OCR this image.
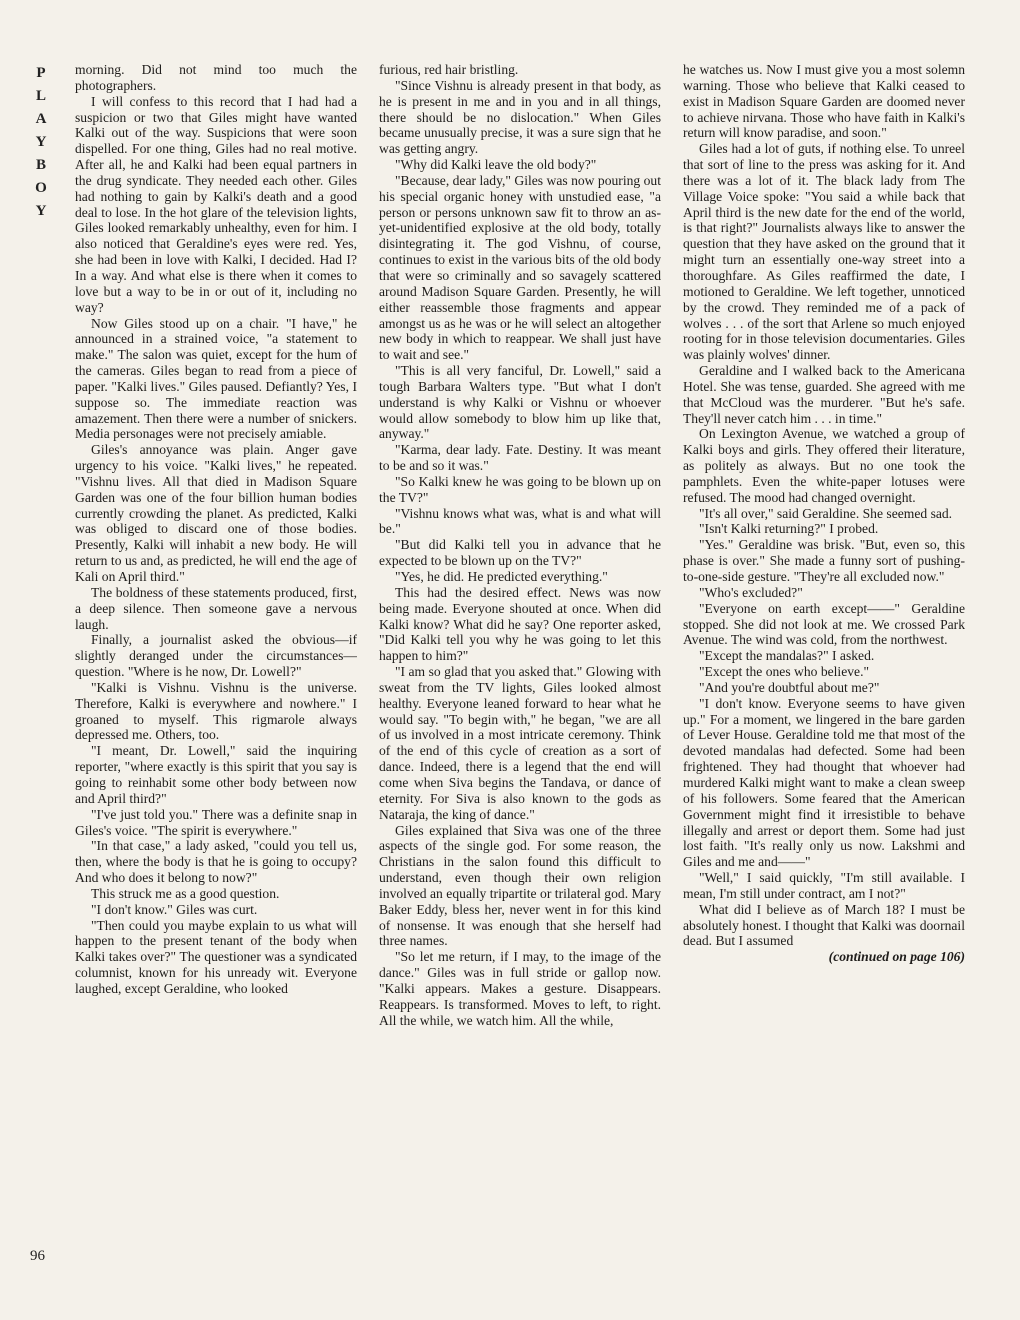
P
L
A
Y
B
O
Y

morning. Did not mind too much the photographers.

I will confess to this record that I had had a suspicion or two that Giles might have wanted Kalki out of the way. Suspicions that were soon dispelled. For one thing, Giles had no real motive. After all, he and Kalki had been equal partners in the drug syndicate. They needed each other. Giles had nothing to gain by Kalki's death and a good deal to lose. In the hot glare of the television lights, Giles looked remarkably unhealthy, even for him. I also noticed that Geraldine's eyes were red. Yes, she had been in love with Kalki, I decided. Had I? In a way. And what else is there when it comes to love but a way to be in or out of it, including no way?

Now Giles stood up on a chair. "I have," he announced in a strained voice, "a statement to make." The salon was quiet, except for the hum of the cameras. Giles began to read from a piece of paper. "Kalki lives." Giles paused. Defiantly? Yes, I suppose so. The immediate reaction was amazement. Then there were a number of snickers. Media personages were not precisely amiable.

Giles's annoyance was plain. Anger gave urgency to his voice. "Kalki lives," he repeated. "Vishnu lives. All that died in Madison Square Garden was one of the four billion human bodies currently crowding the planet. As predicted, Kalki was obliged to discard one of those bodies. Presently, Kalki will inhabit a new body. He will return to us and, as predicted, he will end the age of Kali on April third."

The boldness of these statements produced, first, a deep silence. Then someone gave a nervous laugh.

Finally, a journalist asked the obvious—if slightly deranged under the circumstances—question. "Where is he now, Dr. Lowell?"

"Kalki is Vishnu. Vishnu is the universe. Therefore, Kalki is everywhere and nowhere." I groaned to myself. This rigmarole always depressed me. Others, too.

"I meant, Dr. Lowell," said the inquiring reporter, "where exactly is this spirit that you say is going to reinhabit some other body between now and April third?"

"I've just told you." There was a definite snap in Giles's voice. "The spirit is everywhere."

"In that case," a lady asked, "could you tell us, then, where the body is that he is going to occupy? And who does it belong to now?"

This struck me as a good question.

"I don't know." Giles was curt.

"Then could you maybe explain to us what will happen to the present tenant of the body when Kalki takes over?" The questioner was a syndicated columnist, known for his unready wit. Everyone laughed, except Geraldine, who looked

furious, red hair bristling.

"Since Vishnu is already present in that body, as he is present in me and in you and in all things, there should be no dislocation." When Giles became unusually precise, it was a sure sign that he was getting angry.

"Why did Kalki leave the old body?"

"Because, dear lady," Giles was now pouring out his special organic honey with unstudied ease, "a person or persons unknown saw fit to throw an as-yet-unidentified explosive at the old body, totally disintegrating it. The god Vishnu, of course, continues to exist in the various bits of the old body that were so criminally and so savagely scattered around Madison Square Garden. Presently, he will either reassemble those fragments and appear amongst us as he was or he will select an altogether new body in which to reappear. We shall just have to wait and see."

"This is all very fanciful, Dr. Lowell," said a tough Barbara Walters type. "But what I don't understand is why Kalki or Vishnu or whoever would allow somebody to blow him up like that, anyway."

"Karma, dear lady. Fate. Destiny. It was meant to be and so it was."

"So Kalki knew he was going to be blown up on the TV?"

"Vishnu knows what was, what is and what will be."

"But did Kalki tell you in advance that he expected to be blown up on the TV?"

"Yes, he did. He predicted everything."

This had the desired effect. News was now being made. Everyone shouted at once. When did Kalki know? What did he say? One reporter asked, "Did Kalki tell you why he was going to let this happen to him?"

"I am so glad that you asked that." Glowing with sweat from the TV lights, Giles looked almost healthy. Everyone leaned forward to hear what he would say. "To begin with," he began, "we are all of us involved in a most intricate ceremony. Think of the end of this cycle of creation as a sort of dance. Indeed, there is a legend that the end will come when Siva begins the Tandava, or dance of eternity. For Siva is also known to the gods as Nataraja, the king of dance."

Giles explained that Siva was one of the three aspects of the single god. For some reason, the Christians in the salon found this difficult to understand, even though their own religion involved an equally tripartite or trilateral god. Mary Baker Eddy, bless her, never went in for this kind of nonsense. It was enough that she herself had three names.

"So let me return, if I may, to the image of the dance." Giles was in full stride or gallop now. "Kalki appears. Makes a gesture. Disappears. Reappears. Is transformed. Moves to left, to right. All the while, we watch him. All the while,

he watches us. Now I must give you a most solemn warning. Those who believe that Kalki ceased to exist in Madison Square Garden are doomed never to achieve nirvana. Those who have faith in Kalki's return will know paradise, and soon."

Giles had a lot of guts, if nothing else. To unreel that sort of line to the press was asking for it. And there was a lot of it. The black lady from The Village Voice spoke: "You said a while back that April third is the new date for the end of the world, is that right?" Journalists always like to answer the question that they have asked on the ground that it might turn an essentially one-way street into a thoroughfare. As Giles reaffirmed the date, I motioned to Geraldine. We left together, unnoticed by the crowd. They reminded me of a pack of wolves . . . of the sort that Arlene so much enjoyed rooting for in those television documentaries. Giles was plainly wolves' dinner.

Geraldine and I walked back to the Americana Hotel. She was tense, guarded. She agreed with me that McCloud was the murderer. "But he's safe. They'll never catch him . . . in time."

On Lexington Avenue, we watched a group of Kalki boys and girls. They offered their literature, as politely as always. But no one took the pamphlets. Even the white-paper lotuses were refused. The mood had changed overnight.

"It's all over," said Geraldine. She seemed sad.

"Isn't Kalki returning?" I probed.

"Yes." Geraldine was brisk. "But, even so, this phase is over." She made a funny sort of pushing-to-one-side gesture. "They're all excluded now."

"Who's excluded?"

"Everyone on earth except——" Geraldine stopped. She did not look at me. We crossed Park Avenue. The wind was cold, from the northwest.

"Except the mandalas?" I asked.

"Except the ones who believe."

"And you're doubtful about me?"

"I don't know. Everyone seems to have given up." For a moment, we lingered in the bare garden of Lever House. Geraldine told me that most of the devoted mandalas had defected. Some had been frightened. They had thought that whoever had murdered Kalki might want to make a clean sweep of his followers. Some feared that the American Government might find it irresistible to behave illegally and arrest or deport them. Some had just lost faith. "It's really only us now. Lakshmi and Giles and me and——"

"Well," I said quickly, "I'm still available. I mean, I'm still under contract, am I not?"

What did I believe as of March 18? I must be absolutely honest. I thought that Kalki was doornail dead. But I assumed

(continued on page 106)

96
